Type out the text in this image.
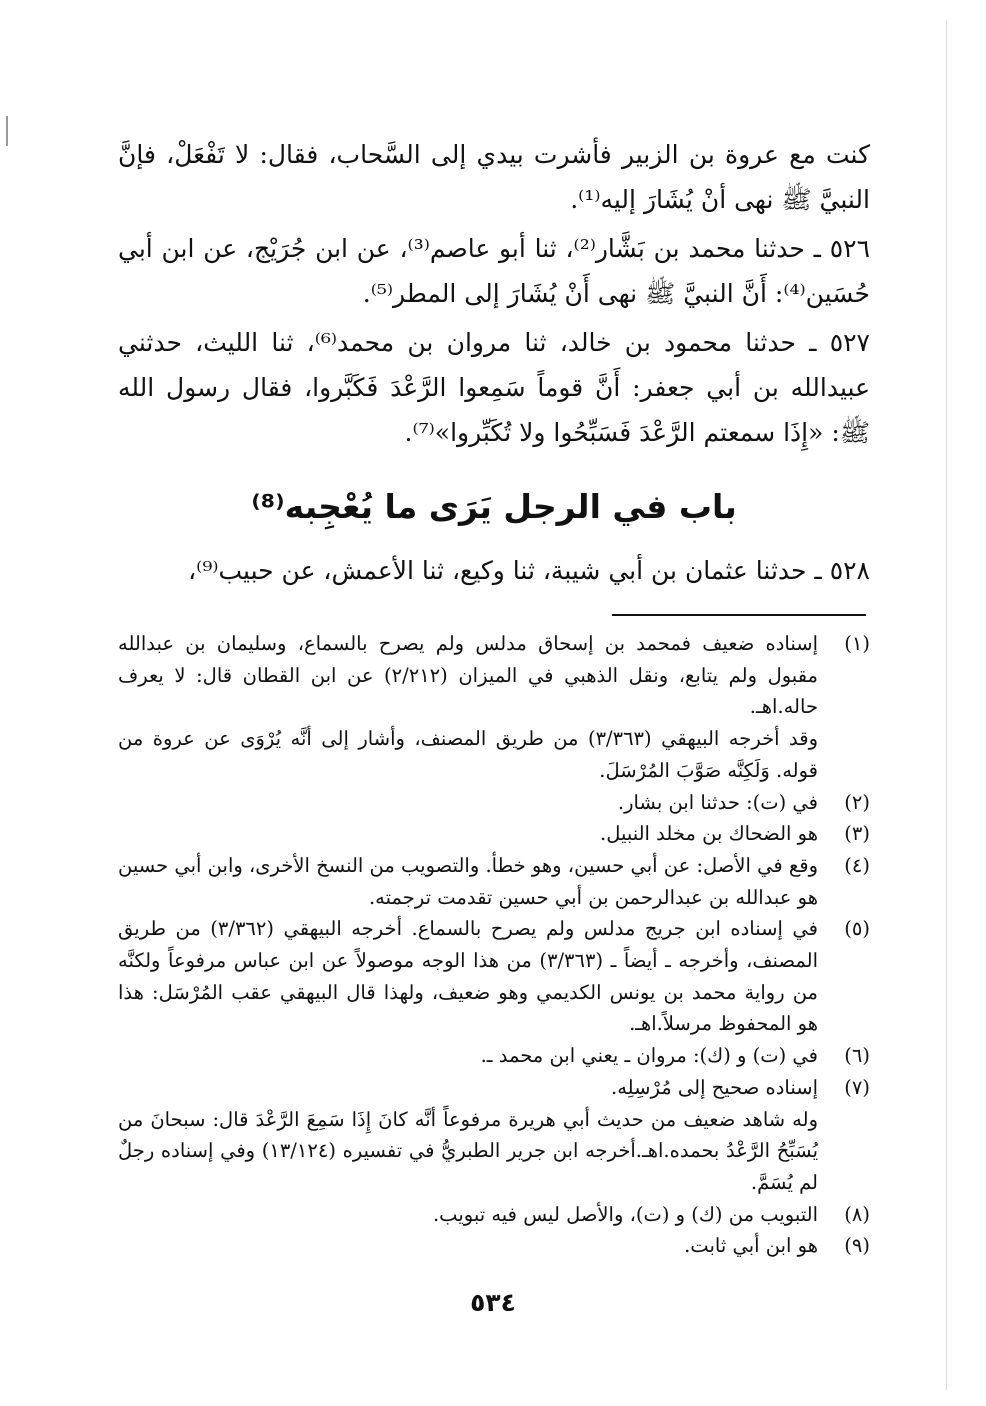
كنت مع عروة بن الزبير فأشرت بيدي إلى السَّحاب، فقال: لا تَفْعَلْ، فإنَّ النبيَّ ﷺ نهى أنْ يُشَارَ إليه⁽¹⁾.

٥٢٦ ـ حدثنا محمد بن بَشَّار⁽²⁾، ثنا أبو عاصم⁽³⁾، عن ابن جُرَيْج، عن ابن أبي حُسَين⁽⁴⁾: أَنَّ النبيَّ ﷺ نهى أَنْ يُشَارَ إلى المطر⁽⁵⁾.

٥٢٧ ـ حدثنا محمود بن خالد، ثنا مروان بن محمد⁽⁶⁾، ثنا الليث، حدثني عبيدالله بن أبي جعفر: أَنَّ قوماً سَمِعوا الرَّعْدَ فَكَبَّروا، فقال رسول الله ﷺ: «إِذَا سمعتم الرَّعْدَ فَسَبِّحُوا ولا تُكَبِّروا»⁽⁷⁾.

باب في الرجل يَرَى ما يُعْجِبه⁽⁸⁾
٥٢٨ ـ حدثنا عثمان بن أبي شيبة، ثنا وكيع، ثنا الأعمش، عن حبيب⁽⁹⁾،
(١)
إسناده ضعيف فمحمد بن إسحاق مدلس ولم يصرح بالسماع، وسليمان بن عبدالله مقبول ولم يتابع، ونقل الذهبي في الميزان (٢/٢١٢) عن ابن القطان قال: لا يعرف حاله.اهـ.
وقد أخرجه البيهقي (٣/٣٦٣) من طريق المصنف، وأشار إلى أنَّه يُرْوَى عن عروة من قوله. وَلَكِنَّه صَوَّبَ المُرْسَلَ.
(٢)
في (ت): حدثنا ابن بشار.
(٣)
هو الضحاك بن مخلد النبيل.
(٤)
وقع في الأصل: عن أبي حسين، وهو خطأ. والتصويب من النسخ الأخرى، وابن أبي حسين هو عبدالله بن عبدالرحمن بن أبي حسين تقدمت ترجمته.
(٥)
في إسناده ابن جريج مدلس ولم يصرح بالسماع. أخرجه البيهقي (٣/٣٦٢) من طريق المصنف، وأخرجه ـ أيضاً ـ (٣/٣٦٣) من هذا الوجه موصولاً عن ابن عباس مرفوعاً ولكنَّه من رواية محمد بن يونس الكديمي وهو ضعيف، ولهذا قال البيهقي عقب المُرْسَل: هذا هو المحفوظ مرسلاً.اهـ.
(٦)
في (ت) و (ك): مروان ـ يعني ابن محمد ـ.
(٧)
إسناده صحيح إلى مُرْسِلِه.
وله شاهد ضعيف من حديث أبي هريرة مرفوعاً أنَّه كانَ إِذَا سَمِعَ الرَّعْدَ قال: سبحانَ من يُسَبِّحُ الرَّعْدُ بحمده.اهـ.أخرجه ابن جرير الطبريُّ في تفسيره (١٣/١٢٤) وفي إسناده رجلٌ لم يُسَمَّ.
(٨)
التبويب من (ك) و (ت)، والأصل ليس فيه تبويب.
(٩)
هو ابن أبي ثابت.
٥٣٤
